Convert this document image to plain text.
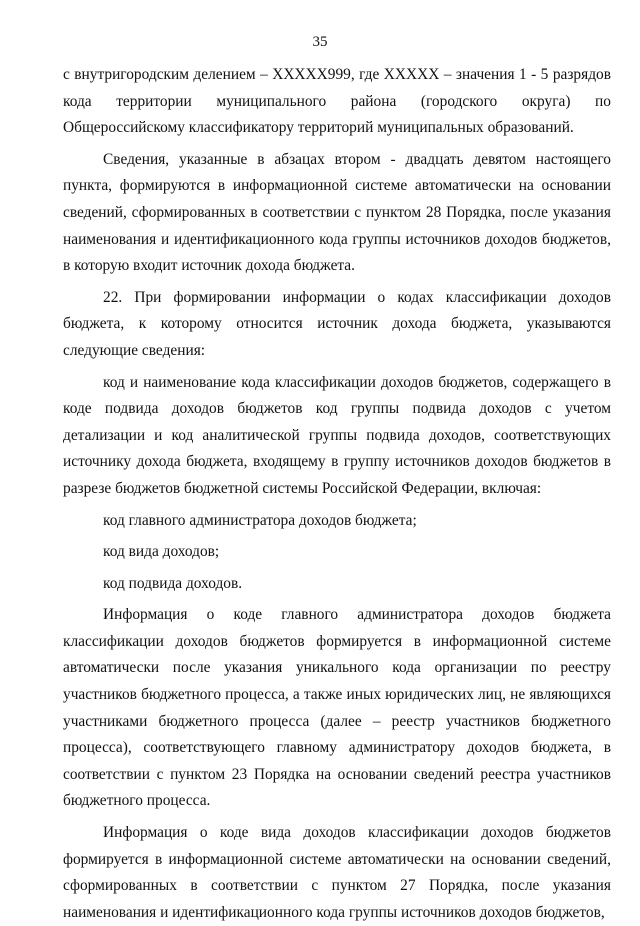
35

с внутригородским делением – XXXXX999, где XXXXX – значения 1 - 5 разрядов кода территории муниципального района (городского округа) по Общероссийскому классификатору территорий муниципальных образований.

Сведения, указанные в абзацах втором - двадцать девятом настоящего пункта, формируются в информационной системе автоматически на основании сведений, сформированных в соответствии с пунктом 28 Порядка, после указания наименования и идентификационного кода группы источников доходов бюджетов, в которую входит источник дохода бюджета.

22. При формировании информации о кодах классификации доходов бюджета, к которому относится источник дохода бюджета, указываются следующие сведения:

код и наименование кода классификации доходов бюджетов, содержащего в коде подвида доходов бюджетов код группы подвида доходов с учетом детализации и код аналитической группы подвида доходов, соответствующих источнику дохода бюджета, входящему в группу источников доходов бюджетов в разрезе бюджетов бюджетной системы Российской Федерации, включая:

код главного администратора доходов бюджета;

код вида доходов;

код подвида доходов.

Информация о коде главного администратора доходов бюджета классификации доходов бюджетов формируется в информационной системе автоматически после указания уникального кода организации по реестру участников бюджетного процесса, а также иных юридических лиц, не являющихся участниками бюджетного процесса (далее – реестр участников бюджетного процесса), соответствующего главному администратору доходов бюджета, в соответствии с пунктом 23 Порядка на основании сведений реестра участников бюджетного процесса.

Информация о коде вида доходов классификации доходов бюджетов формируется в информационной системе автоматически на основании сведений, сформированных в соответствии с пунктом 27 Порядка, после указания наименования и идентификационного кода группы источников доходов бюджетов,
